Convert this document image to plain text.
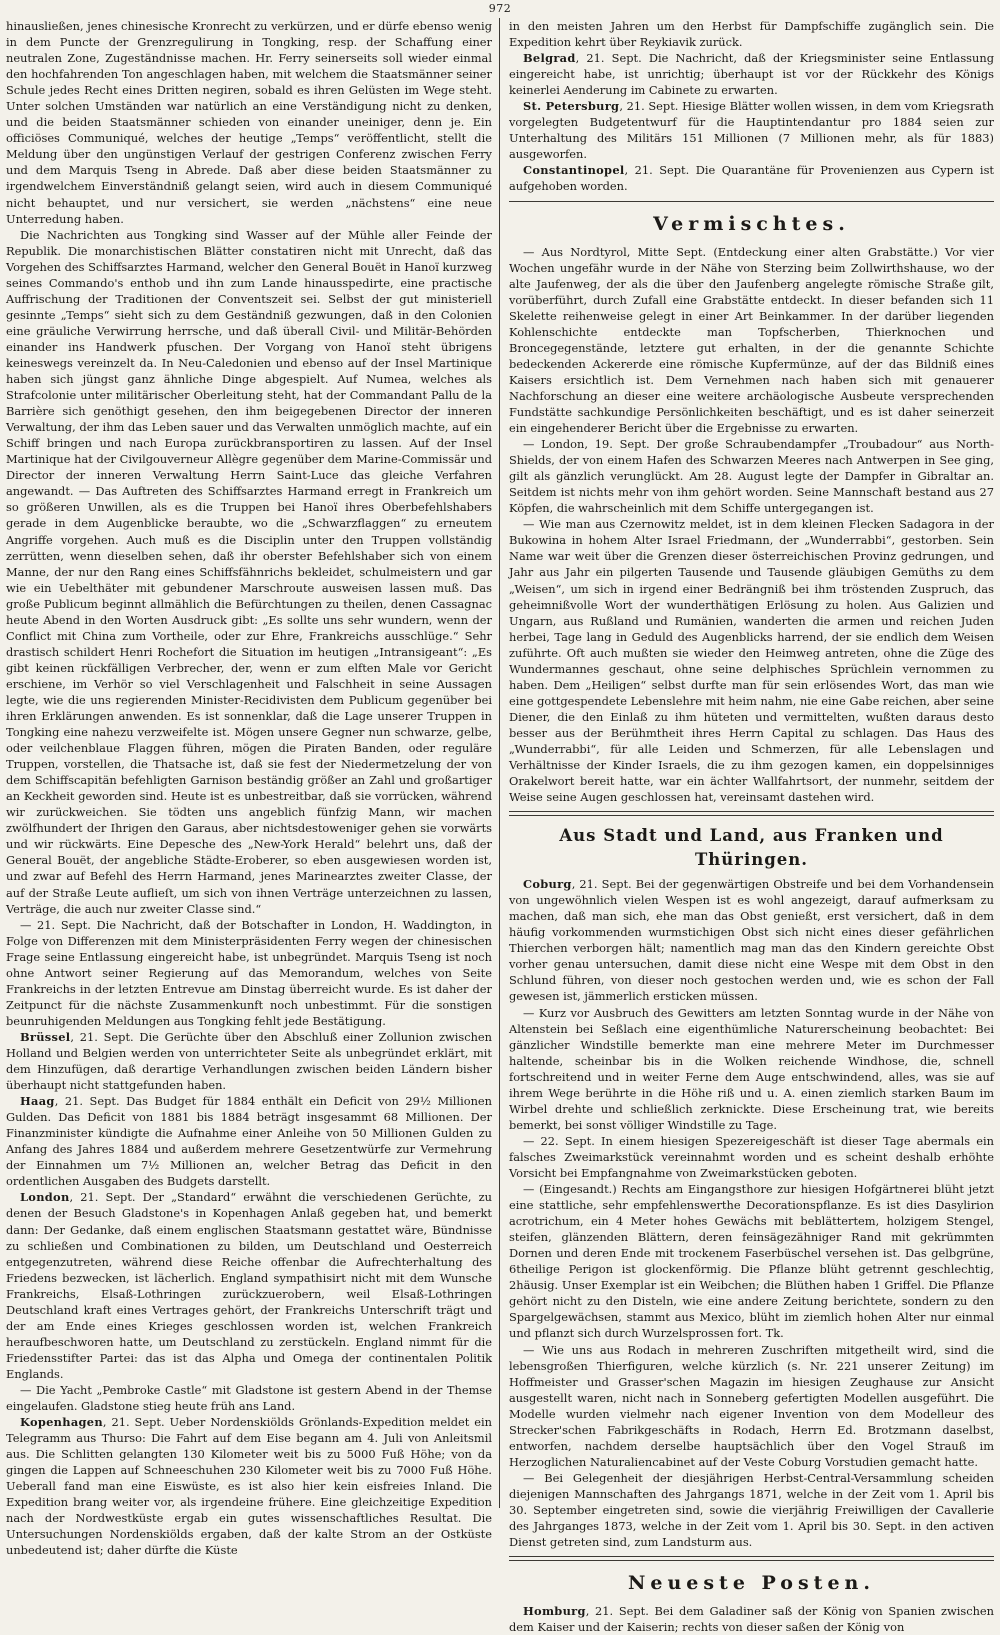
972

hinausließen, jenes chinesische Kronrecht zu verkürzen, und er dürfe ebenso wenig in dem Puncte der Grenzregulirung in Tongking, resp. der Schaffung einer neutralen Zone, Zugeständnisse machen. Hr. Ferry seinerseits soll wieder einmal den hochfahrenden Ton angeschlagen haben, mit welchem die Staatsmänner seiner Schule jedes Recht eines Dritten negiren, sobald es ihren Gelüsten im Wege steht. Unter solchen Umständen war natürlich an eine Verständigung nicht zu denken, und die beiden Staatsmänner schieden von einander uneiniger, denn je. Ein officiöses Communiqué, welches der heutige „Temps“ veröffentlicht, stellt die Meldung über den ungünstigen Verlauf der gestrigen Conferenz zwischen Ferry und dem Marquis Tseng in Abrede. Daß aber diese beiden Staatsmänner zu irgendwelchem Einverständniß gelangt seien, wird auch in diesem Communiqué nicht behauptet, und nur versichert, sie werden „nächstens“ eine neue Unterredung haben.

Die Nachrichten aus Tongking sind Wasser auf der Mühle aller Feinde der Republik. Die monarchistischen Blätter constatiren nicht mit Unrecht, daß das Vorgehen des Schiffsarztes Harmand, welcher den General Bouët in Hanoï kurzweg seines Commando's enthob und ihn zum Lande hinausspedirte, eine practische Auffrischung der Traditionen der Conventszeit sei. Selbst der gut ministeriell gesinnte „Temps“ sieht sich zu dem Geständniß gezwungen, daß in den Colonien eine gräuliche Verwirrung herrsche, und daß überall Civil- und Militär-Behörden einander ins Handwerk pfuschen. Der Vorgang von Hanoï steht übrigens keineswegs vereinzelt da. In Neu-Caledonien und ebenso auf der Insel Martinique haben sich jüngst ganz ähnliche Dinge abgespielt. Auf Numea, welches als Strafcolonie unter militärischer Oberleitung steht, hat der Commandant Pallu de la Barrière sich genöthigt gesehen, den ihm beigegebenen Director der inneren Verwaltung, der ihm das Leben sauer und das Verwalten unmöglich machte, auf ein Schiff bringen und nach Europa zurückbransportiren zu lassen. Auf der Insel Martinique hat der Civilgouverneur Allègre gegenüber dem Marine-Commissär und Director der inneren Verwaltung Herrn Saint-Luce das gleiche Verfahren angewandt. — Das Auftreten des Schiffsarztes Harmand erregt in Frankreich um so größeren Unwillen, als es die Truppen bei Hanoï ihres Oberbefehlshabers gerade in dem Augenblicke beraubte, wo die „Schwarzflaggen“ zu erneutem Angriffe vorgehen. Auch muß es die Disciplin unter den Truppen vollständig zerrütten, wenn dieselben sehen, daß ihr oberster Befehlshaber sich von einem Manne, der nur den Rang eines Schiffsfähnrichs bekleidet, schulmeistern und gar wie ein Uebelthäter mit gebundener Marschroute ausweisen lassen muß. Das große Publicum beginnt allmählich die Befürchtungen zu theilen, denen Cassagnac heute Abend in den Worten Ausdruck gibt: „Es sollte uns sehr wundern, wenn der Conflict mit China zum Vortheile, oder zur Ehre, Frankreichs ausschlüge.“ Sehr drastisch schildert Henri Rochefort die Situation im heutigen „Intransigeant“: „Es gibt keinen rückfälligen Verbrecher, der, wenn er zum elften Male vor Gericht erschiene, im Verhör so viel Verschlagenheit und Falschheit in seine Aussagen legte, wie die uns regierenden Minister-Recidivisten dem Publicum gegenüber bei ihren Erklärungen anwenden. Es ist sonnenklar, daß die Lage unserer Truppen in Tongking eine nahezu verzweifelte ist. Mögen unsere Gegner nun schwarze, gelbe, oder veilchenblaue Flaggen führen, mögen die Piraten Banden, oder reguläre Truppen, vorstellen, die Thatsache ist, daß sie fest der Niedermetzelung der von dem Schiffscapitän befehligten Garnison beständig größer an Zahl und großartiger an Keckheit geworden sind. Heute ist es unbestreitbar, daß sie vorrücken, während wir zurückweichen. Sie tödten uns angeblich fünfzig Mann, wir machen zwölfhundert der Ihrigen den Garaus, aber nichtsdestoweniger gehen sie vorwärts und wir rückwärts. Eine Depesche des „New-York Herald“ belehrt uns, daß der General Bouët, der angebliche Städte-Eroberer, so eben ausgewiesen worden ist, und zwar auf Befehl des Herrn Harmand, jenes Marinearztes zweiter Classe, der auf der Straße Leute auflieſt, um sich von ihnen Verträge unterzeichnen zu lassen, Verträge, die auch nur zweiter Classe sind.“

— 21. Sept. Die Nachricht, daß der Botschafter in London, H. Waddington, in Folge von Differenzen mit dem Ministerpräsidenten Ferry wegen der chinesischen Frage seine Entlassung eingereicht habe, ist unbegründet. Marquis Tseng ist noch ohne Antwort seiner Regierung auf das Memorandum, welches von Seite Frankreichs in der letzten Entrevue am Dinstag überreicht wurde. Es ist daher der Zeitpunct für die nächste Zusammenkunft noch unbestimmt. Für die sonstigen beunruhigenden Meldungen aus Tongking fehlt jede Bestätigung.

Brüssel, 21. Sept. Die Gerüchte über den Abschluß einer Zollunion zwischen Holland und Belgien werden von unterrichteter Seite als unbegründet erklärt, mit dem Hinzufügen, daß derartige Verhandlungen zwischen beiden Ländern bisher überhaupt nicht stattgefunden haben.

Haag, 21. Sept. Das Budget für 1884 enthält ein Deficit von 29½ Millionen Gulden. Das Deficit von 1881 bis 1884 beträgt insgesammt 68 Millionen. Der Finanzminister kündigte die Aufnahme einer Anleihe von 50 Millionen Gulden zu Anfang des Jahres 1884 und außerdem mehrere Gesetzentwürfe zur Vermehrung der Einnahmen um 7½ Millionen an, welcher Betrag das Deficit in den ordentlichen Ausgaben des Budgets darstellt.

London, 21. Sept. Der „Standard“ erwähnt die verschiedenen Gerüchte, zu denen der Besuch Gladstone's in Kopenhagen Anlaß gegeben hat, und bemerkt dann: Der Gedanke, daß einem englischen Staatsmann gestattet wäre, Bündnisse zu schließen und Combinationen zu bilden, um Deutschland und Oesterreich entgegenzutreten, während diese Reiche offenbar die Aufrechterhaltung des Friedens bezwecken, ist lächerlich. England sympathisirt nicht mit dem Wunsche Frankreichs, Elsaß-Lothringen zurückzuerobern, weil Elsaß-Lothringen Deutschland kraft eines Vertrages gehört, der Frankreichs Unterschrift trägt und der am Ende eines Krieges geschlossen worden ist, welchen Frankreich heraufbeschworen hatte, um Deutschland zu zerstückeln. England nimmt für die Friedensstifter Partei: das ist das Alpha und Omega der continentalen Politik Englands.

— Die Yacht „Pembroke Castle“ mit Gladstone ist gestern Abend in der Themse eingelaufen. Gladstone stieg heute früh ans Land.

Kopenhagen, 21. Sept. Ueber Nordenskiölds Grönlands-Expedition meldet ein Telegramm aus Thurso: Die Fahrt auf dem Eise begann am 4. Juli von Anleitsmil aus. Die Schlitten gelangten 130 Kilometer weit bis zu 5000 Fuß Höhe; von da gingen die Lappen auf Schneeschuhen 230 Kilometer weit bis zu 7000 Fuß Höhe. Ueberall fand man eine Eiswüste, es ist also hier kein eisfreies Inland. Die Expedition brang weiter vor, als irgendeine frühere. Eine gleichzeitige Expedition nach der Nordwestküste ergab ein gutes wissenschaftliches Resultat. Die Untersuchungen Nordenskiölds ergaben, daß der kalte Strom an der Ostküste unbedeutend ist; daher dürfte die Küste

in den meisten Jahren um den Herbst für Dampfschiffe zugänglich sein. Die Expedition kehrt über Reykiavik zurück.

Belgrad, 21. Sept. Die Nachricht, daß der Kriegsminister seine Entlassung eingereicht habe, ist unrichtig; überhaupt ist vor der Rückkehr des Königs keinerlei Aenderung im Cabinete zu erwarten.

St. Petersburg, 21. Sept. Hiesige Blätter wollen wissen, in dem vom Kriegsrath vorgelegten Budgetentwurf für die Hauptintendantur pro 1884 seien zur Unterhaltung des Militärs 151 Millionen (7 Millionen mehr, als für 1883) ausgeworfen.

Constantinopel, 21. Sept. Die Quarantäne für Provenienzen aus Cypern ist aufgehoben worden.

Vermischtes.

— Aus Nordtyrol, Mitte Sept. (Entdeckung einer alten Grabstätte.) Vor vier Wochen ungefähr wurde in der Nähe von Sterzing beim Zollwirthshause, wo der alte Jaufenweg, der als die über den Jaufenberg angelegte römische Straße gilt, vorüberführt, durch Zufall eine Grabstätte entdeckt. In dieser befanden sich 11 Skelette reihenweise gelegt in einer Art Beinkammer. In der darüber liegenden Kohlenschichte entdeckte man Topfscherben, Thierknochen und Broncegegenstände, letztere gut erhalten, in der die genannte Schichte bedeckenden Ackererde eine römische Kupfermünze, auf der das Bildniß eines Kaisers ersichtlich ist. Dem Vernehmen nach haben sich mit genauerer Nachforschung an dieser eine weitere archäologische Ausbeute versprechenden Fundstätte sachkundige Persönlichkeiten beschäftigt, und es ist daher seinerzeit ein eingehenderer Bericht über die Ergebnisse zu erwarten.

— London, 19. Sept. Der große Schraubendampfer „Troubadour“ aus North-Shields, der von einem Hafen des Schwarzen Meeres nach Antwerpen in See ging, gilt als gänzlich verunglückt. Am 28. August legte der Dampfer in Gibraltar an. Seitdem ist nichts mehr von ihm gehört worden. Seine Mannschaft bestand aus 27 Köpfen, die wahrscheinlich mit dem Schiffe untergegangen ist.

— Wie man aus Czernowitz meldet, ist in dem kleinen Flecken Sadagora in der Bukowina in hohem Alter Israel Friedmann, der „Wunderrabbi“, gestorben. Sein Name war weit über die Grenzen dieser österreichischen Provinz gedrungen, und Jahr aus Jahr ein pilgerten Tausende und Tausende gläubigen Gemüths zu dem „Weisen“, um sich in irgend einer Bedrängniß bei ihm tröstenden Zuspruch, das geheimnißvolle Wort der wunderthätigen Erlösung zu holen. Aus Galizien und Ungarn, aus Rußland und Rumänien, wanderten die armen und reichen Juden herbei, Tage lang in Geduld des Augenblicks harrend, der sie endlich dem Weisen zuführte. Oft auch mußten sie wieder den Heimweg antreten, ohne die Züge des Wundermannes geschaut, ohne seine delphisches Sprüchlein vernommen zu haben. Dem „Heiligen“ selbst durfte man für sein erlösendes Wort, das man wie eine gottgespendete Lebenslehre mit heim nahm, nie eine Gabe reichen, aber seine Diener, die den Einlaß zu ihm hüteten und vermittelten, wußten daraus desto besser aus der Berühmtheit ihres Herrn Capital zu schlagen. Das Haus des „Wunderrabbi“, für alle Leiden und Schmerzen, für alle Lebenslagen und Verhältnisse der Kinder Israels, die zu ihm gezogen kamen, ein doppelsinniges Orakelwort bereit hatte, war ein ächter Wallfahrtsort, der nunmehr, seitdem der Weise seine Augen geschlossen hat, vereinsamt dastehen wird.

Aus Stadt und Land, aus Franken und Thüringen.

Coburg, 21. Sept. Bei der gegenwärtigen Obstreife und bei dem Vorhandensein von ungewöhnlich vielen Wespen ist es wohl angezeigt, darauf aufmerksam zu machen, daß man sich, ehe man das Obst genießt, erst versichert, daß in dem häufig vorkommenden wurmstichigen Obst sich nicht eines dieser gefährlichen Thierchen verborgen hält; namentlich mag man das den Kindern gereichte Obst vorher genau untersuchen, damit diese nicht eine Wespe mit dem Obst in den Schlund führen, von dieser noch gestochen werden und, wie es schon der Fall gewesen ist, jämmerlich ersticken müssen.

— Kurz vor Ausbruch des Gewitters am letzten Sonntag wurde in der Nähe von Altenstein bei Seßlach eine eigenthümliche Naturerscheinung beobachtet: Bei gänzlicher Windstille bemerkte man eine mehrere Meter im Durchmesser haltende, scheinbar bis in die Wolken reichende Windhose, die, schnell fortschreitend und in weiter Ferne dem Auge entschwindend, alles, was sie auf ihrem Wege berührte in die Höhe riß und u. A. einen ziemlich starken Baum im Wirbel drehte und schließlich zerknickte. Diese Erscheinung trat, wie bereits bemerkt, bei sonst völliger Windstille zu Tage.

— 22. Sept. In einem hiesigen Spezereigeschäft ist dieser Tage abermals ein falsches Zweimarkstück vereinnahmt worden und es scheint deshalb erhöhte Vorsicht bei Empfangnahme von Zweimarkstücken geboten.

— (Eingesandt.) Rechts am Eingangsthore zur hiesigen Hofgärtnerei blüht jetzt eine stattliche, sehr empfehlenswerthe Decorationspflanze. Es ist dies Dasylirion acrotrichum, ein 4 Meter hohes Gewächs mit beblättertem, holzigem Stengel, steifen, glänzenden Blättern, deren feinsägezähniger Rand mit gekrümmten Dornen und deren Ende mit trockenem Faserbüschel versehen ist. Das gelbgrüne, 6theilige Perigon ist glockenförmig. Die Pflanze blüht getrennt geschlechtig, 2häusig. Unser Exemplar ist ein Weibchen; die Blüthen haben 1 Griffel. Die Pflanze gehört nicht zu den Disteln, wie eine andere Zeitung berichtete, sondern zu den Spargelgewächsen, stammt aus Mexico, blüht im ziemlich hohen Alter nur einmal und pflanzt sich durch Wurzelsprossen fort. Tk.

— Wie uns aus Rodach in mehreren Zuschriften mitgetheilt wird, sind die lebensgroßen Thierfiguren, welche kürzlich (s. Nr. 221 unserer Zeitung) im Hoffmeister und Grasser'schen Magazin im hiesigen Zeughause zur Ansicht ausgestellt waren, nicht nach in Sonneberg gefertigten Modellen ausgeführt. Die Modelle wurden vielmehr nach eigener Invention von dem Modelleur des Strecker'schen Fabrikgeschäfts in Rodach, Herrn Ed. Brotzmann daselbst, entworfen, nachdem derselbe hauptsächlich über den Vogel Strauß im Herzoglichen Naturaliencabinet auf der Veste Coburg Vorstudien gemacht hatte.

— Bei Gelegenheit der diesjährigen Herbst-Central-Versammlung scheiden diejenigen Mannschaften des Jahrgangs 1871, welche in der Zeit vom 1. April bis 30. September eingetreten sind, sowie die vierjährig Freiwilligen der Cavallerie des Jahrganges 1873, welche in der Zeit vom 1. April bis 30. Sept. in den activen Dienst getreten sind, zum Landsturm aus.

Neueste Posten.

Homburg, 21. Sept. Bei dem Galadiner saß der König von Spanien zwischen dem Kaiser und der Kaiserin; rechts von dieser saßen der König von
